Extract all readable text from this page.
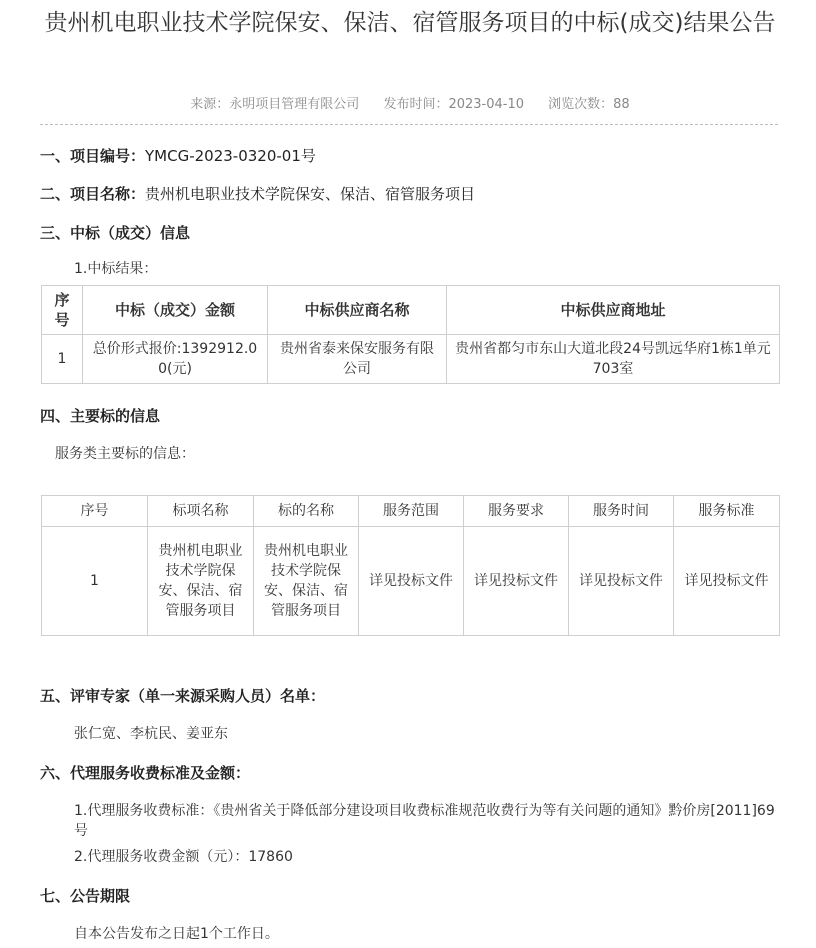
贵州机电职业技术学院保安、保洁、宿管服务项目的中标(成交)结果公告
来源：永明项目管理有限公司 发布时间：2023-04-10 浏览次数：88
一、项目编号：YMCG-2023-0320-01号
二、项目名称：贵州机电职业技术学院保安、保洁、宿管服务项目
三、中标（成交）信息
1.中标结果：
序号	中标（成交）金额	中标供应商名称	中标供应商地址
1	总价形式报价:1392912.00(元)	贵州省泰来保安服务有限公司	贵州省都匀市东山大道北段24号凯远华府1栋1单元703室
四、主要标的信息
服务类主要标的信息：
序号	标项名称	标的名称	服务范围	服务要求	服务时间	服务标准
1	贵州机电职业技术学院保安、保洁、宿管服务项目	贵州机电职业技术学院保安、保洁、宿管服务项目	详见投标文件	详见投标文件	详见投标文件	详见投标文件
五、评审专家（单一来源采购人员）名单：
张仁宽、李杭民、姜亚东
六、代理服务收费标准及金额：
1.代理服务收费标准：《贵州省关于降低部分建设项目收费标准规范收费行为等有关问题的通知》黔价房[2011]69号
2.代理服务收费金额（元）：17860
七、公告期限
自本公告发布之日起1个工作日。
